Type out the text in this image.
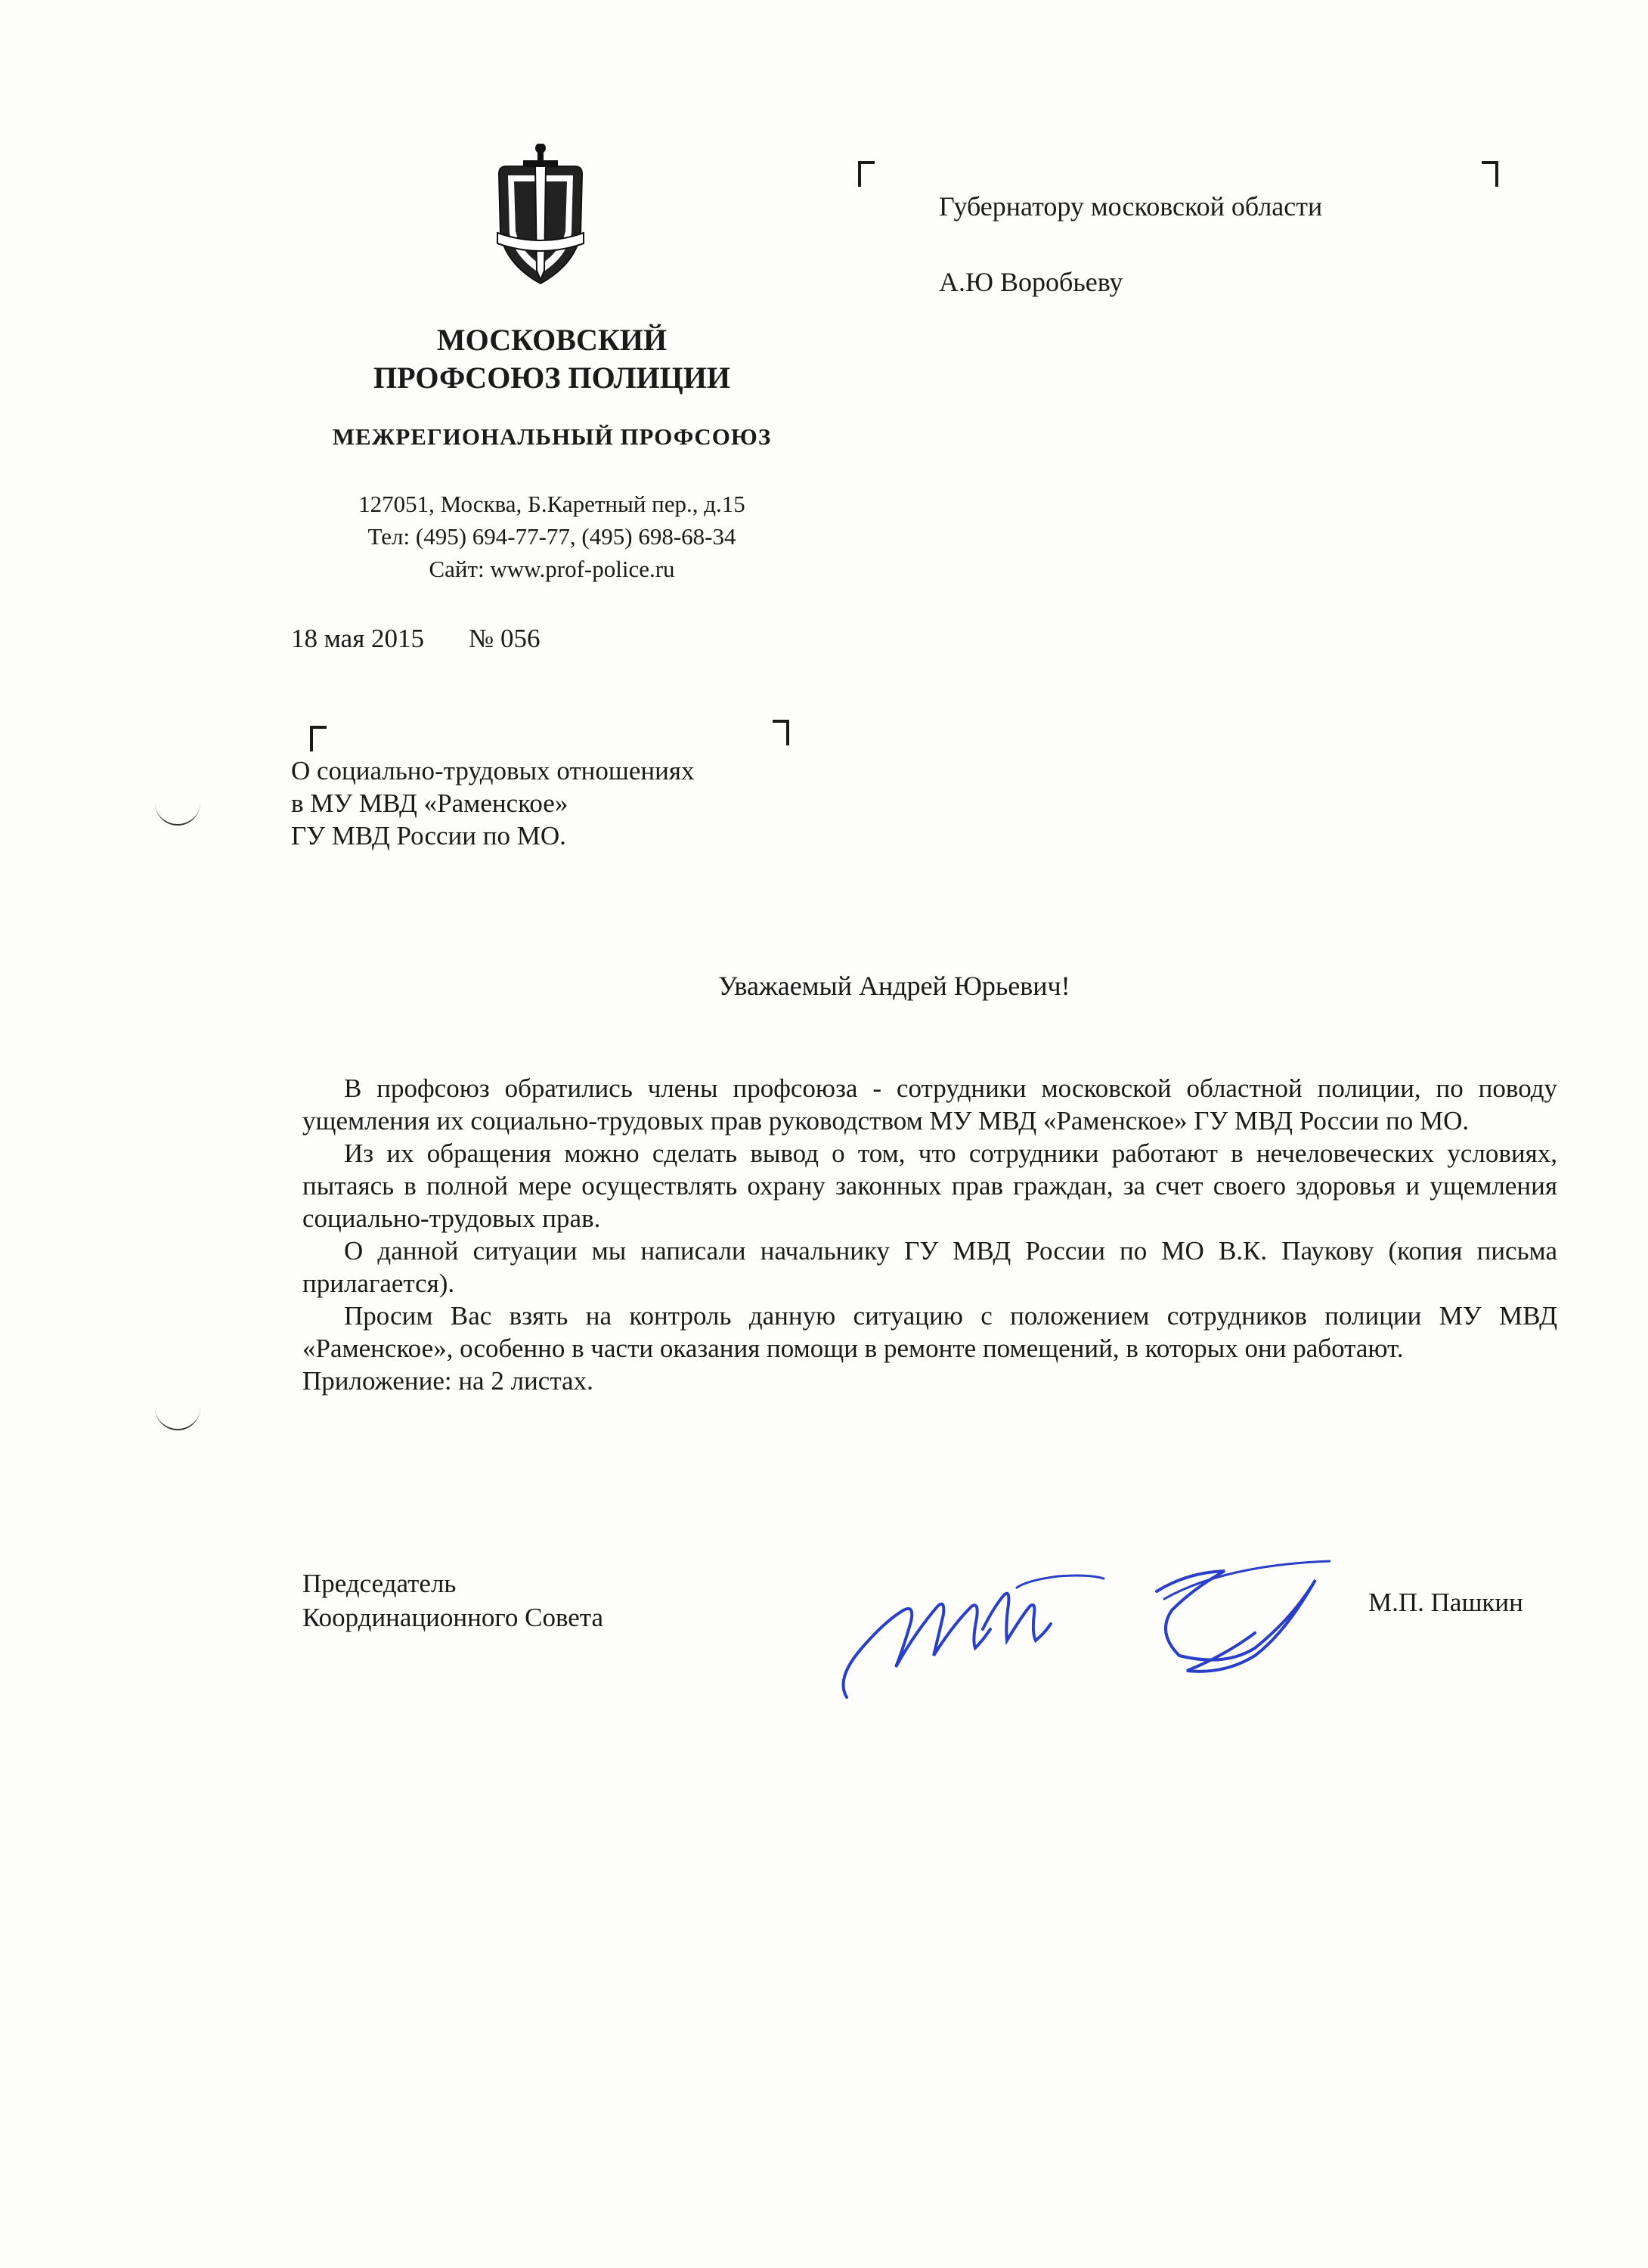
МОСКОВСКИЙ
ПРОФСОЮЗ ПОЛИЦИИ
МЕЖРЕГИОНАЛЬНЫЙ ПРОФСОЮЗ
127051, Москва, Б.Каретный пер., д.15
Тел: (495) 694-77-77, (495) 698-68-34
Сайт: www.prof-police.ru
18 мая 2015 № 056
Губернатору московской области
А.Ю Воробьеву
О социально-трудовых отношениях
в МУ МВД «Раменское»
ГУ МВД России по МО.
Уважаемый Андрей Юрьевич!

В профсоюз обратились члены профсоюза - сотрудники московской областной полиции, по поводу ущемления их социально-трудовых прав руководством МУ МВД «Раменское» ГУ МВД России по МО.

Из их обращения можно сделать вывод о том, что сотрудники работают в нечеловеческих условиях, пытаясь в полной мере осуществлять охрану законных прав граждан, за счет своего здоровья и ущемления социально-трудовых прав.

О данной ситуации мы написали начальнику ГУ МВД России по МО В.К. Паукову (копия письма прилагается).

Просим Вас взять на контроль данную ситуацию с положением сотрудников полиции МУ МВД «Раменское», особенно в части оказания помощи в ремонте помещений, в которых они работают.

Приложение: на 2 листах.

Председатель
Координационного Совета
М.П. Пашкин
